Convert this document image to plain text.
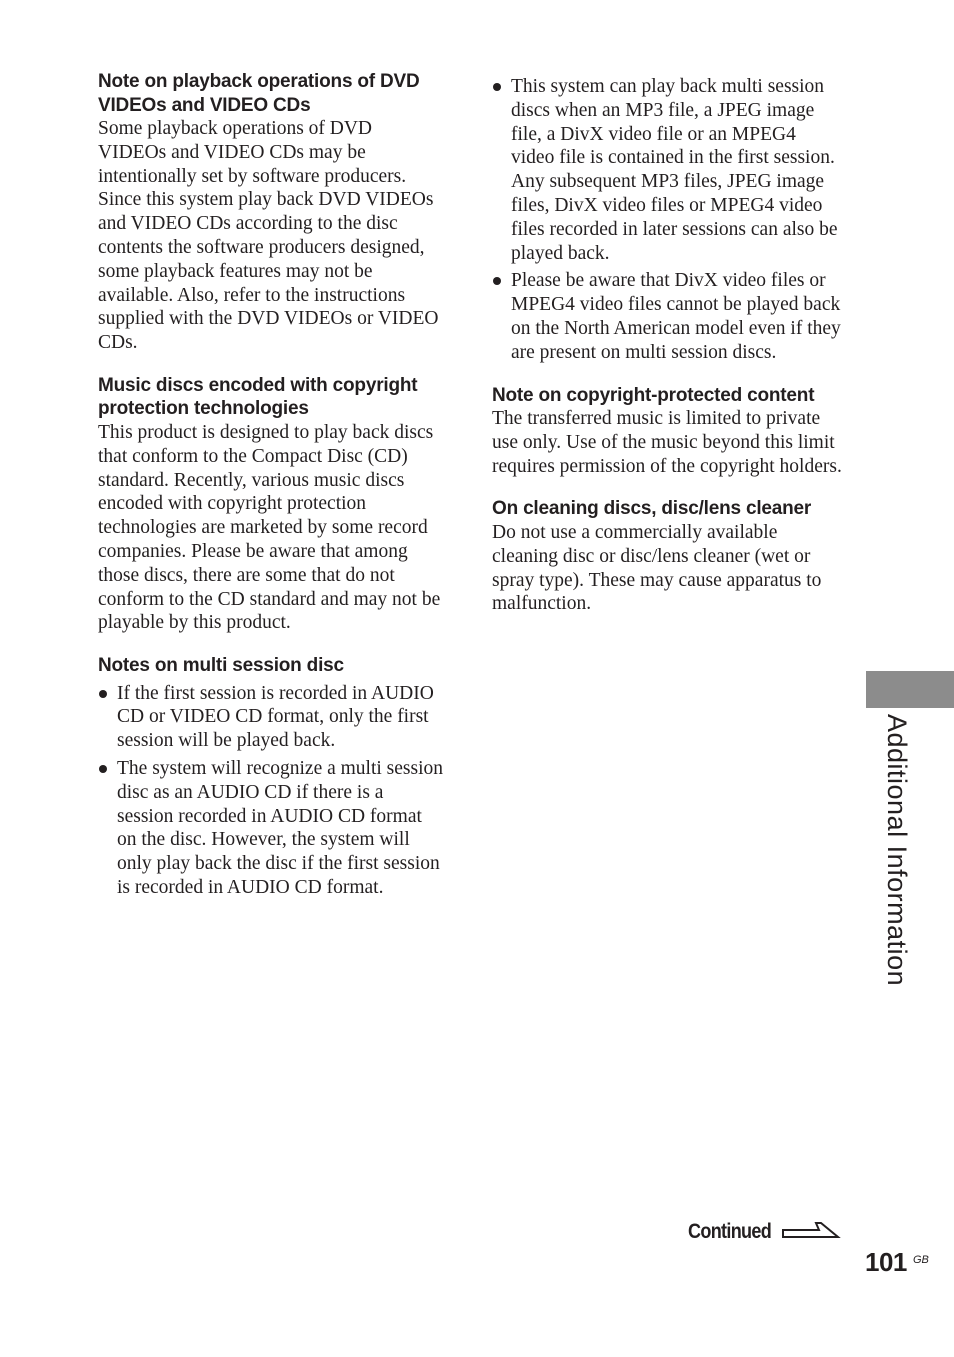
Note on playback operations of DVD VIDEOs and VIDEO CDs

Some playback operations of DVD VIDEOs and VIDEO CDs may be intentionally set by software producers. Since this system play back DVD VIDEOs and VIDEO CDs according to the disc contents the software producers designed, some playback features may not be available. Also, refer to the instructions supplied with the DVD VIDEOs or VIDEO CDs.

Music discs encoded with copyright protection technologies

This product is designed to play back discs that conform to the Compact Disc (CD) standard. Recently, various music discs encoded with copyright protection technologies are marketed by some record companies. Please be aware that among those discs, there are some that do not conform to the CD standard and may not be playable by this product.

Notes on multi session disc

If the first session is recorded in AUDIO CD or VIDEO CD format, only the first session will be played back.
The system will recognize a multi session disc as an AUDIO CD if there is a session recorded in AUDIO CD format on the disc. However, the system will only play back the disc if the first session is recorded in AUDIO CD format.
This system can play back multi session discs when an MP3 file, a JPEG image file, a DivX video file or an MPEG4 video file is contained in the first session. Any subsequent MP3 files, JPEG image files, DivX video files or MPEG4 video files recorded in later sessions can also be played back.
Please be aware that DivX video files or MPEG4 video files cannot be played back on the North American model even if they are present on multi session discs.

Note on copyright-protected content

The transferred music is limited to private use only. Use of the music beyond this limit requires permission of the copyright holders.

On cleaning discs, disc/lens cleaner

Do not use a commercially available cleaning disc or disc/lens cleaner (wet or spray type). These may cause apparatus to malfunction.

Additional Information
Continued
101 GB
